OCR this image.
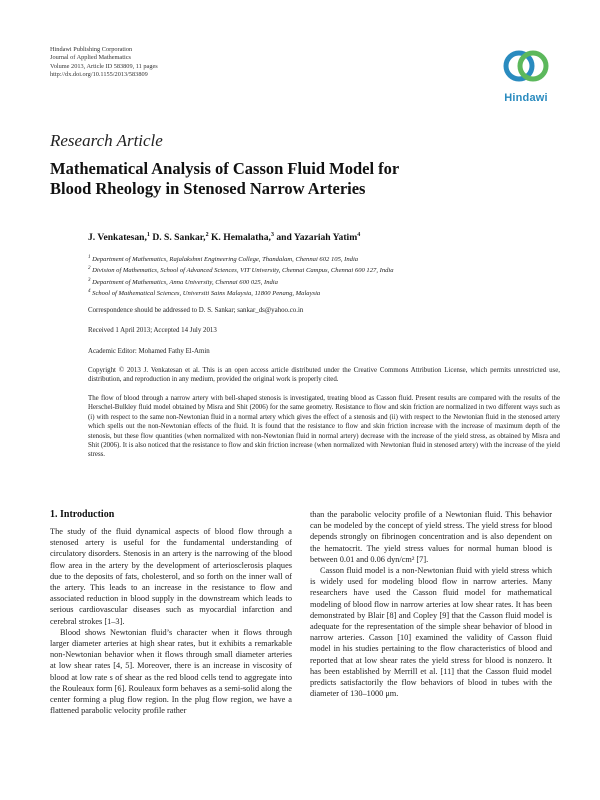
Hindawi Publishing Corporation
Journal of Applied Mathematics
Volume 2013, Article ID 583809, 11 pages
http://dx.doi.org/10.1155/2013/583809
Hindawi
Research Article
Mathematical Analysis of Casson Fluid Model for
Blood Rheology in Stenosed Narrow Arteries
J. Venkatesan,$^1$ D. S. Sankar,$^2$ K. Hemalatha,$^3$ and Yazariah Yatim$^4$
$^1$ Department of Mathematics, Rajalakshmi Engineering College, Thandalam, Chennai 602 105, India
$^2$ Division of Mathematics, School of Advanced Sciences, VIT University, Chennai Campus, Chennai 600 127, India
$^3$ Department of Mathematics, Anna University, Chennai 600 025, India
$^4$ School of Mathematical Sciences, Universiti Sains Malaysia, 11800 Penang, Malaysia
Correspondence should be addressed to D. S. Sankar; sankar_ds@yahoo.co.in
Received 1 April 2013; Accepted 14 July 2013
Academic Editor: Mohamed Fathy El-Amin
Copyright © 2013 J. Venkatesan et al. This is an open access article distributed under the Creative Commons Attribution License, which permits unrestricted use, distribution, and reproduction in any medium, provided the original work is properly cited.
The flow of blood through a narrow artery with bell-shaped stenosis is investigated, treating blood as Casson fluid. Present results are compared with the results of the Herschel-Bulkley fluid model obtained by Misra and Shit (2006) for the same geometry. Resistance to flow and skin friction are normalized in two different ways such as (i) with respect to the same non-Newtonian fluid in a normal artery which gives the effect of a stenosis and (ii) with respect to the Newtonian fluid in the stenosed artery which spells out the non-Newtonian effects of the fluid. It is found that the resistance to flow and skin friction increase with the increase of maximum depth of the stenosis, but these flow quantities (when normalized with non-Newtonian fluid in normal artery) decrease with the increase of the yield stress, as obtained by Misra and Shit (2006). It is also noticed that the resistance to flow and skin friction increase (when normalized with Newtonian fluid in stenosed artery) with the increase of the yield stress.
1. Introduction

The study of the fluid dynamical aspects of blood flow through a stenosed artery is useful for the fundamental understanding of circulatory disorders. Stenosis in an artery is the narrowing of the blood flow area in the artery by the development of arteriosclerosis plaques due to the deposits of fats, cholesterol, and so forth on the inner wall of the artery. This leads to an increase in the resistance to flow and associated reduction in blood supply in the downstream which leads to serious cardiovascular diseases such as myocardial infarction and cerebral strokes [1–3].

Blood shows Newtonian fluid’s character when it flows through larger diameter arteries at high shear rates, but it exhibits a remarkable non-Newtonian behavior when it flows through small diameter arteries at low shear rates [4, 5]. Moreover, there is an increase in viscosity of blood at low rate s of shear as the red blood cells tend to aggregate into the Rouleaux form [6]. Rouleaux form behaves as a semi-solid along the center forming a plug flow region. In the plug flow region, we have a flattened parabolic velocity profile rather

than the parabolic velocity profile of a Newtonian fluid. This behavior can be modeled by the concept of yield stress. The yield stress for blood depends strongly on fibrinogen concentration and is also dependent on the hematocrit. The yield stress values for normal human blood is between 0.01 and 0.06 dyn/cm² [7].

Casson fluid model is a non-Newtonian fluid with yield stress which is widely used for modeling blood flow in narrow arteries. Many researchers have used the Casson fluid model for mathematical modeling of blood flow in narrow arteries at low shear rates. It has been demonstrated by Blair [8] and Copley [9] that the Casson fluid model is adequate for the representation of the simple shear behavior of blood in narrow arteries. Casson [10] examined the validity of Casson fluid model in his studies pertaining to the flow characteristics of blood and reported that at low shear rates the yield stress for blood is nonzero. It has been established by Merrill et al. [11] that the Casson fluid model predicts satisfactorily the flow behaviors of blood in tubes with the diameter of 130–1000 μm.
